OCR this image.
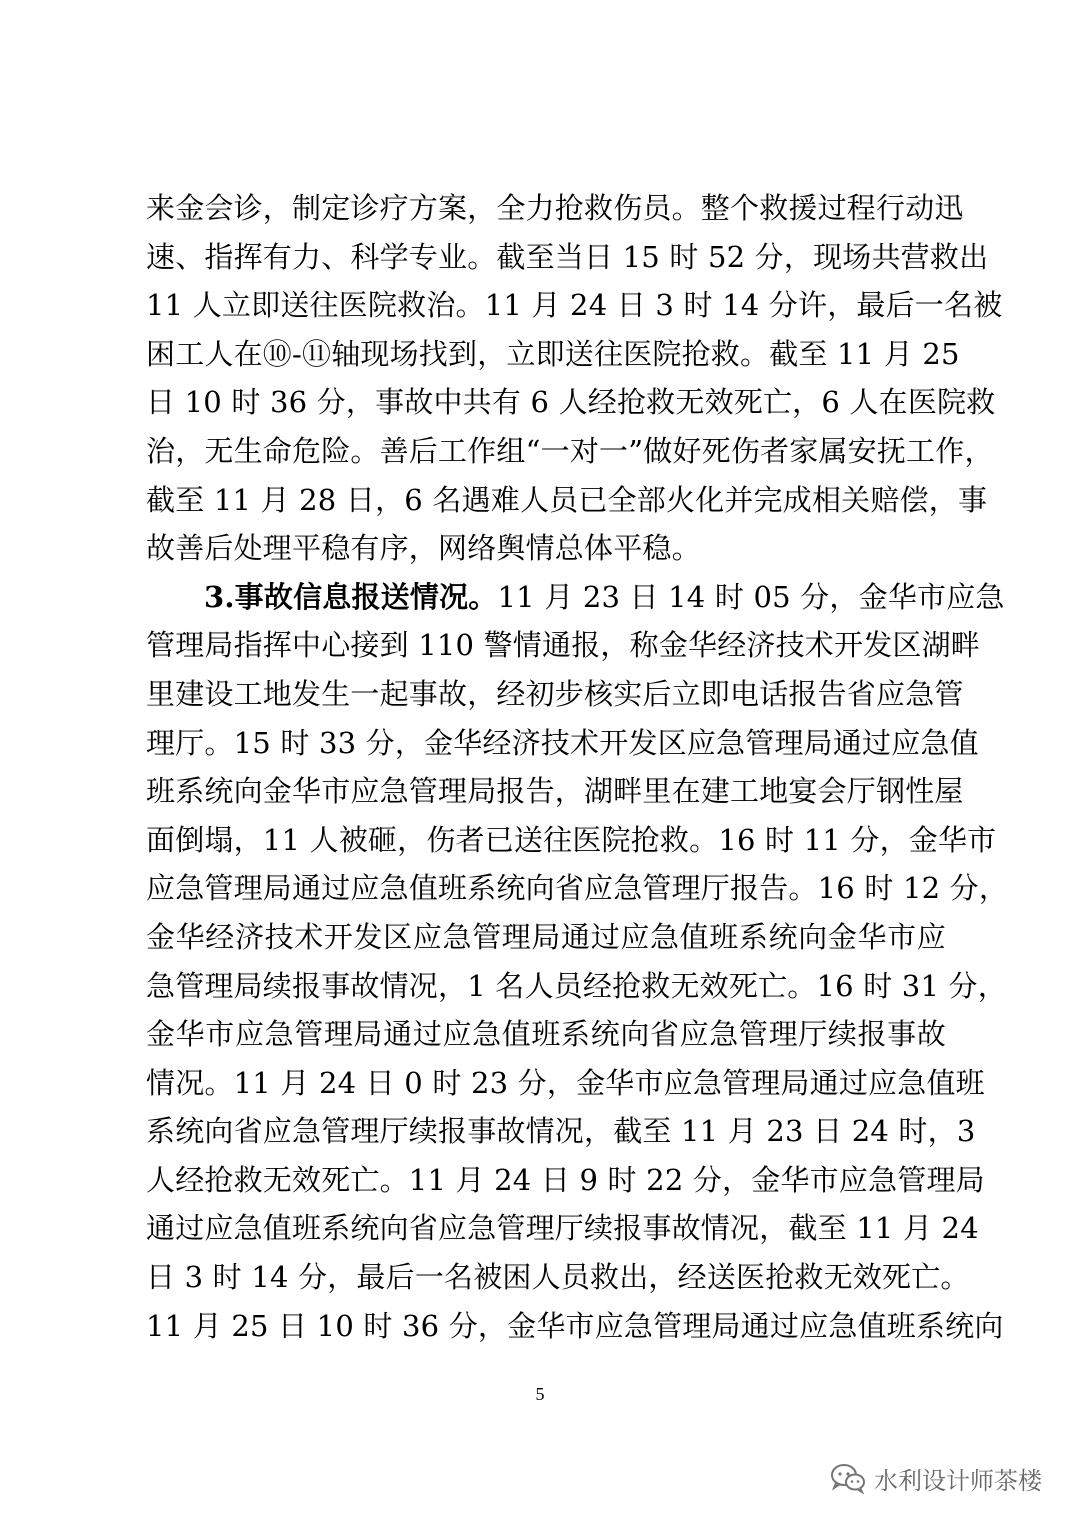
来金会诊，制定诊疗方案，全力抢救伤员。整个救援过程行动迅
速、指挥有力、科学专业。截至当日 15 时 52 分，现场共营救出
11 人立即送往医院救治。11 月 24 日 3 时 14 分许，最后一名被
困工人在⑩-⑪轴现场找到，立即送往医院抢救。截至 11 月 25
日 10 时 36 分，事故中共有 6 人经抢救无效死亡，6 人在医院救
治，无生命危险。善后工作组“一对一”做好死伤者家属安抚工作，
截至 11 月 28 日，6 名遇难人员已全部火化并完成相关赔偿，事
故善后处理平稳有序，网络舆情总体平稳。
3.事故信息报送情况。11 月 23 日 14 时 05 分，金华市应急
管理局指挥中心接到 110 警情通报，称金华经济技术开发区湖畔
里建设工地发生一起事故，经初步核实后立即电话报告省应急管
理厅。15 时 33 分，金华经济技术开发区应急管理局通过应急值
班系统向金华市应急管理局报告，湖畔里在建工地宴会厅钢性屋
面倒塌，11 人被砸，伤者已送往医院抢救。16 时 11 分，金华市
应急管理局通过应急值班系统向省应急管理厅报告。16 时 12 分，
金华经济技术开发区应急管理局通过应急值班系统向金华市应
急管理局续报事故情况，1 名人员经抢救无效死亡。16 时 31 分，
金华市应急管理局通过应急值班系统向省应急管理厅续报事故
情况。11 月 24 日 0 时 23 分，金华市应急管理局通过应急值班
系统向省应急管理厅续报事故情况，截至 11 月 23 日 24 时，3
人经抢救无效死亡。11 月 24 日 9 时 22 分，金华市应急管理局
通过应急值班系统向省应急管理厅续报事故情况，截至 11 月 24
日 3 时 14 分，最后一名被困人员救出，经送医抢救无效死亡。
11 月 25 日 10 时 36 分，金华市应急管理局通过应急值班系统向
5
水利设计师茶楼
